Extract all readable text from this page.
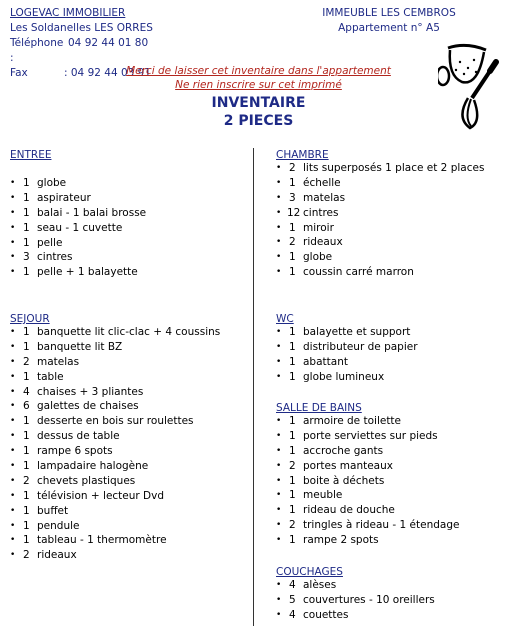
LOGEVAC IMMOBILIER
Les Soldanelles LES ORRES
Téléphone :
04 92 44 01 80
Fax	: 04 92 44 03 91
IMMEUBLE LES CEMBROS
Appartement n° A5
Merci de laisser cet inventaire dans l'appartement
Ne rien inscrire sur cet imprimé
INVENTAIRE
2 PIECES
ENTREE
• 1 globe
• 1 aspirateur
• 1 balai - 1 balai brosse
• 1 seau - 1 cuvette
• 1 pelle
• 3 cintres
• 1 pelle + 1 balayette
SEJOUR
• 1 banquette lit clic-clac + 4 coussins
• 1 banquette lit BZ
• 2 matelas
• 1 table
• 4 chaises + 3 pliantes
• 6 galettes de chaises
• 1 desserte en bois sur roulettes
• 1 dessus de table
• 1 rampe 6 spots
• 1 lampadaire halogène
• 2 chevets plastiques
• 1 télévision + lecteur Dvd
• 1 buffet
• 1 pendule
• 1 tableau - 1 thermomètre
• 2 rideaux
CHAMBRE
• 2 lits superposés 1 place et 2 places
• 1 échelle
• 3 matelas
• 12 cintres
• 1 miroir
• 2 rideaux
• 1 globe
• 1 coussin carré marron
WC
• 1 balayette et support
• 1 distributeur de papier
• 1 abattant
• 1 globe lumineux
SALLE DE BAINS
• 1 armoire de toilette
• 1 porte serviettes sur pieds
• 1 accroche gants
• 2 portes manteaux
• 1 boite à déchets
• 1 meuble
• 1 rideau de douche
• 2 tringles à rideau - 1 étendage
• 1 rampe 2 spots
COUCHAGES
• 4 alèses
• 5 couvertures - 10 oreillers
• 4 couettes
